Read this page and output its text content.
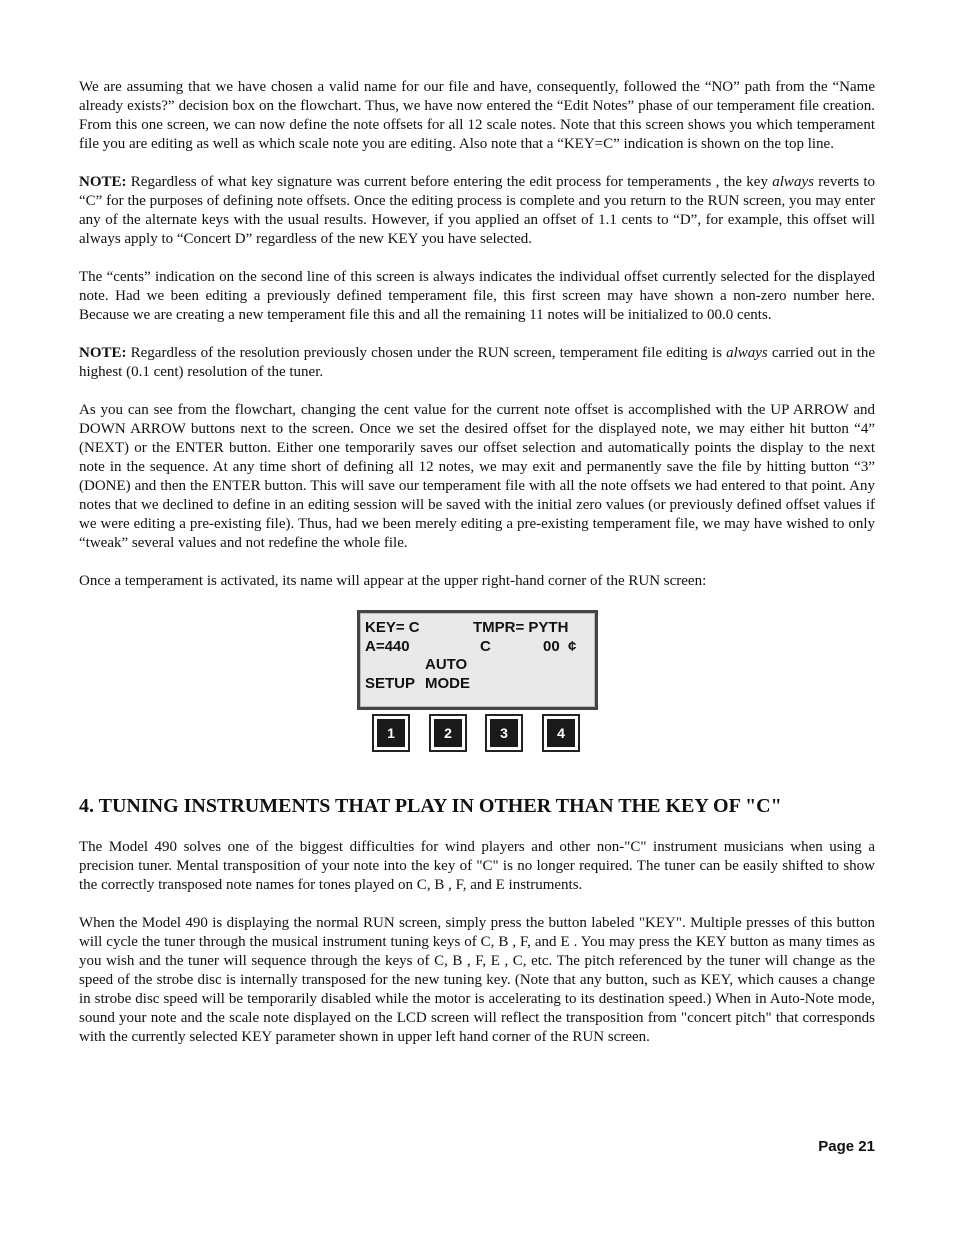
We are assuming that we have chosen a valid name for our file and have, consequently, followed the “NO” path from the “Name already exists?” decision box on the flowchart. Thus, we have now entered the “Edit Notes” phase of our temperament file creation. From this one screen, we can now define the note offsets for all 12 scale notes. Note that this screen shows you which temperament file you are editing as well as which scale note you are editing. Also note that a “KEY=C” indication is shown on the top line.

NOTE: Regardless of what key signature was current before entering the edit process for temperaments , the key always reverts to “C” for the purposes of defining note offsets. Once the editing process is complete and you return to the RUN screen, you may enter any of the alternate keys with the usual results. However, if you applied an offset of 1.1 cents to “D”, for example, this offset will always apply to “Concert D” regardless of the new KEY you have selected.

The “cents” indication on the second line of this screen is always indicates the individual offset currently selected for the displayed note. Had we been editing a previously defined temperament file, this first screen may have shown a non-zero number here. Because we are creating a new temperament file this and all the remaining 11 notes will be initialized to 00.0 cents.

NOTE: Regardless of the resolution previously chosen under the RUN screen, temperament file editing is always carried out in the highest (0.1 cent) resolution of the tuner.

As you can see from the flowchart, changing the cent value for the current note offset is accomplished with the UP ARROW and DOWN ARROW buttons next to the screen. Once we set the desired offset for the displayed note, we may either hit button “4” (NEXT) or the ENTER button. Either one temporarily saves our offset selection and automatically points the display to the next note in the sequence. At any time short of defining all 12 notes, we may exit and permanently save the file by hitting button “3” (DONE) and then the ENTER button. This will save our temperament file with all the note offsets we had entered to that point. Any notes that we declined to define in an editing session will be saved with the initial zero values (or previously defined offset values if we were editing a pre-existing file). Thus, had we been merely editing a pre-existing temperament file, we may have wished to only “tweak” several values and not redefine the whole file.

Once a temperament is activated, its name will appear at the upper right-hand corner of the RUN screen:

KEY= C

	TMPR= PYTH

A=440

	C

	00  ¢

AUTO

SETUP

MODE

1	2	3	4
4. TUNING INSTRUMENTS THAT PLAY IN OTHER THAN THE KEY OF "C"

The Model 490 solves one of the biggest difficulties for wind players and other non-"C" instrument musicians when using a precision tuner. Mental transposition of your note into the key of "C" is no longer required. The tuner can be easily shifted to show the correctly transposed note names for tones played on C, B , F, and E instruments.

When the Model 490 is displaying the normal RUN screen, simply press the button labeled "KEY". Multiple presses of this button will cycle the tuner through the musical instrument tuning keys of C, B , F, and E . You may press the KEY button as many times as you wish and the tuner will sequence through the keys of C, B , F, E , C, etc. The pitch referenced by the tuner will change as the speed of the strobe disc is internally transposed for the new tuning key. (Note that any button, such as KEY, which causes a change in strobe disc speed will be temporarily disabled while the motor is accelerating to its destination speed.) When in Auto-Note mode, sound your note and the scale note displayed on the LCD screen will reflect the transposition from "concert pitch" that corresponds with the currently selected KEY parameter shown in upper left hand corner of the RUN screen.

Page 21
